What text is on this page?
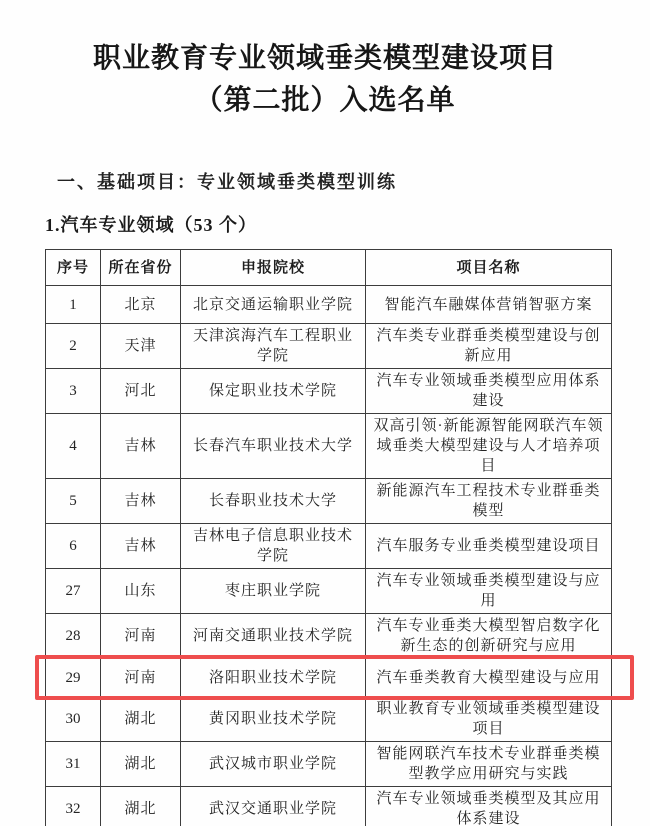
职业教育专业领域垂类模型建设项目
（第二批）入选名单
一、基础项目：专业领域垂类模型训练
1.汽车专业领域（53 个）
序号	所在省份	申报院校	项目名称
1	北京	北京交通运输职业学院	智能汽车融媒体营销智驱方案
2	天津	天津滨海汽车工程职业学院	汽车类专业群垂类模型建设与创新应用
3	河北	保定职业技术学院	汽车专业领域垂类模型应用体系建设
4	吉林	长春汽车职业技术大学	双高引领·新能源智能网联汽车领域垂类大模型建设与人才培养项目
5	吉林	长春职业技术大学	新能源汽车工程技术专业群垂类模型
6	吉林	吉林电子信息职业技术学院	汽车服务专业垂类模型建设项目
27	山东	枣庄职业学院	汽车专业领域垂类模型建设与应用
28	河南	河南交通职业技术学院	汽车专业垂类大模型智启数字化新生态的创新研究与应用
29	河南	洛阳职业技术学院	汽车垂类教育大模型建设与应用
30	湖北	黄冈职业技术学院	职业教育专业领域垂类模型建设项目
31	湖北	武汉城市职业学院	智能网联汽车技术专业群垂类模型教学应用研究与实践
32	湖北	武汉交通职业学院	汽车专业领域垂类模型及其应用体系建设
